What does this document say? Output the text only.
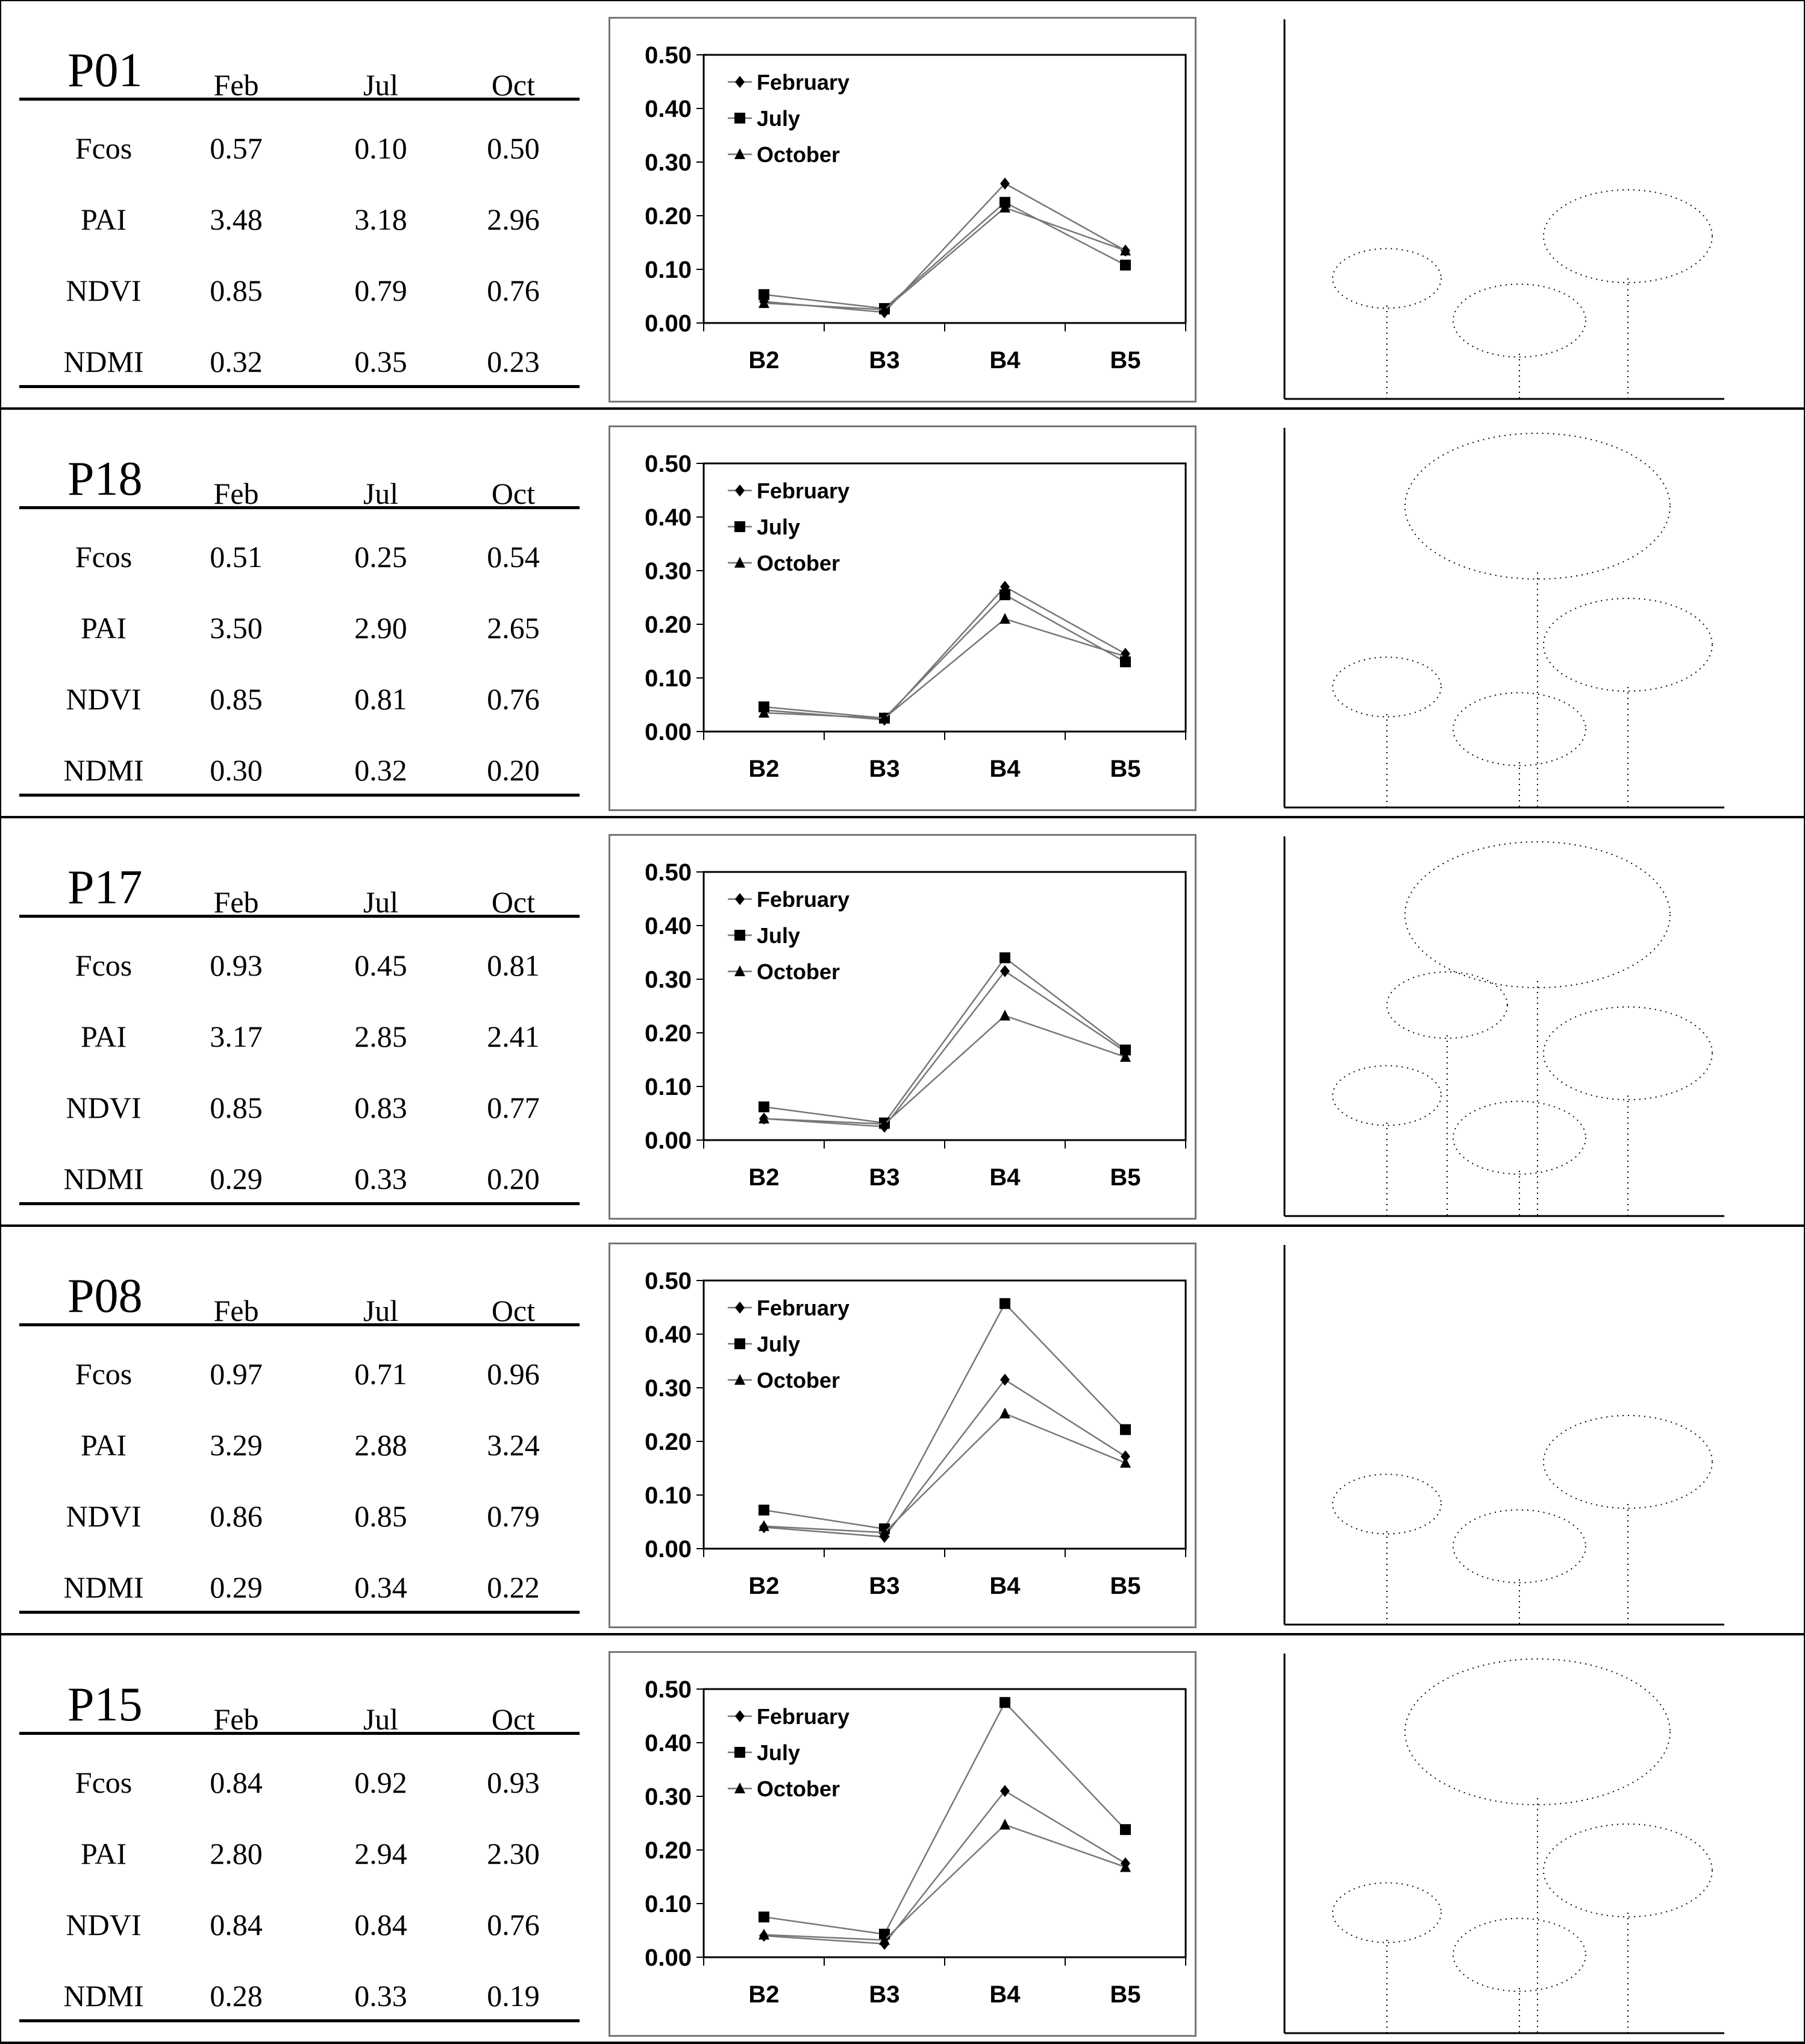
P01	Feb	Jul	Oct
Fcos	0.57	0.10	0.50
PAI	3.48	3.18	2.96
NDVI	0.85	0.79	0.76
NDMI	0.32	0.35	0.23
0.50
0.40
0.30
0.20
0.10
0.00
B2	B3	B4	B5
February
July
October
P18	Feb	Jul	Oct
Fcos	0.51	0.25	0.54
PAI	3.50	2.90	2.65
NDVI	0.85	0.81	0.76
NDMI	0.30	0.32	0.20
0.50
0.40
0.30
0.20
0.10
0.00
B2	B3	B4	B5
February
July
October
P17	Feb	Jul	Oct
Fcos	0.93	0.45	0.81
PAI	3.17	2.85	2.41
NDVI	0.85	0.83	0.77
NDMI	0.29	0.33	0.20
0.50
0.40
0.30
0.20
0.10
0.00
B2	B3	B4	B5
February
July
October
P08	Feb	Jul	Oct
Fcos	0.97	0.71	0.96
PAI	3.29	2.88	3.24
NDVI	0.86	0.85	0.79
NDMI	0.29	0.34	0.22
0.50
0.40
0.30
0.20
0.10
0.00
B2	B3	B4	B5
February
July
October
P15	Feb	Jul	Oct
Fcos	0.84	0.92	0.93
PAI	2.80	2.94	2.30
NDVI	0.84	0.84	0.76
NDMI	0.28	0.33	0.19
0.50
0.40
0.30
0.20
0.10
0.00
B2	B3	B4	B5
February
July
October
